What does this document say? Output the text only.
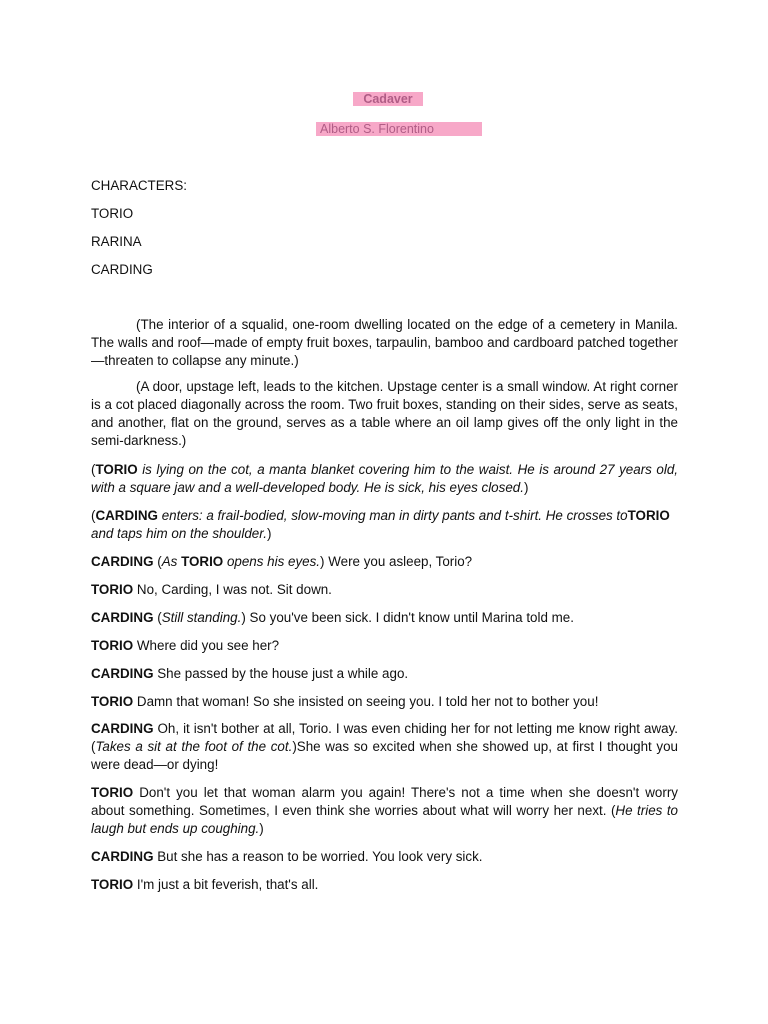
Cadaver
Alberto S. Florentino
CHARACTERS:
TORIO
RARINA
CARDING
(The interior of a squalid, one-room dwelling located on the edge of a cemetery in Manila. The walls and roof—made of empty fruit boxes, tarpaulin, bamboo and cardboard patched together—threaten to collapse any minute.)
(A door, upstage left, leads to the kitchen. Upstage center is a small window. At right corner is a cot placed diagonally across the room. Two fruit boxes, standing on their sides, serve as seats, and another, flat on the ground, serves as a table where an oil lamp gives off the only light in the semi-darkness.)
(TORIO is lying on the cot, a manta blanket covering him to the waist. He is around 27 years old, with a square jaw and a well-developed body. He is sick, his eyes closed.)
(CARDING enters: a frail-bodied, slow-moving man in dirty pants and t-shirt. He crosses toTORIO and taps him on the shoulder.)
CARDING (As TORIO opens his eyes.) Were you asleep, Torio?
TORIO No, Carding, I was not. Sit down.
CARDING (Still standing.) So you've been sick. I didn't know until Marina told me.
TORIO Where did you see her?
CARDING She passed by the house just a while ago.
TORIO Damn that woman! So she insisted on seeing you. I told her not to bother you!
CARDING Oh, it isn't bother at all, Torio. I was even chiding her for not letting me know right away. (Takes a sit at the foot of the cot.)She was so excited when she showed up, at first I thought you were dead—or dying!
TORIO Don't you let that woman alarm you again! There's not a time when she doesn't worry about something. Sometimes, I even think she worries about what will worry her next. (He tries to laugh but ends up coughing.)
CARDING But she has a reason to be worried. You look very sick.
TORIO I'm just a bit feverish, that's all.
